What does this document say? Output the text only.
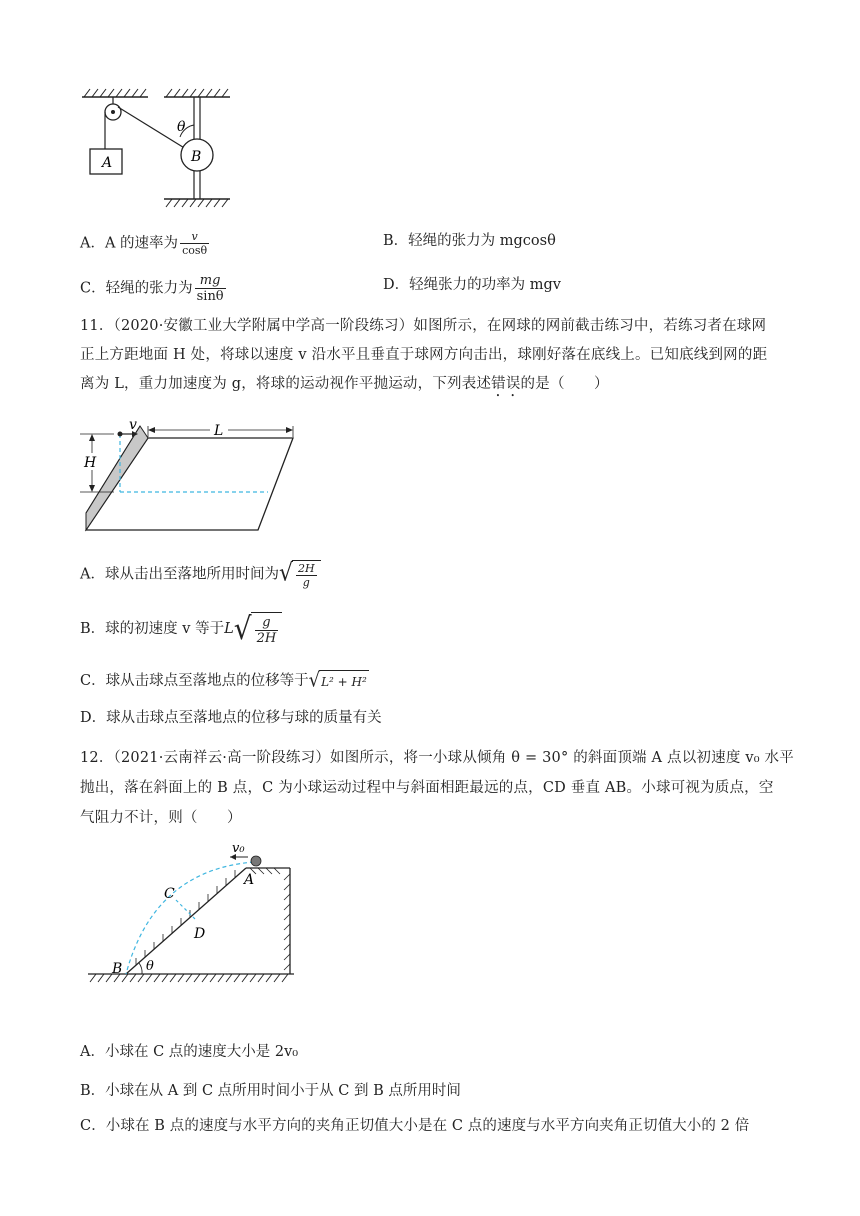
A	B
θ
A．A 的速率为 $\frac{v}{\cos\theta}$	B．轻绳的张力为 mgcosθ
C．轻绳的张力为 $\frac{mg}{\sin\theta}$	D．轻绳张力的功率为 mgv
11．（2020·安徽工业大学附属中学高一阶段练习）如图所示，在网球的网前截击练习中，若练习者在球网
正上方距地面 H 处，将球以速度 v 沿水平且垂直于球网方向击出，球刚好落在底线上。已知底线到网的距
离为 L，重力加速度为 g，将球的运动视作平抛运动，下列表述错误的是（　　）
v
H
L
A．球从击出至落地所用时间为 √ $\frac{2H}{g}$
B．球的初速度 v 等于L √ $\frac{g}{2H}$
C．球从击球点至落地点的位移等于 √ L² + H²
D．球从击球点至落地点的位移与球的质量有关
12．（2021·云南祥云·高一阶段练习）如图所示，将一小球从倾角 θ = 30° 的斜面顶端 A 点以初速度 v₀ 水平
抛出，落在斜面上的 B 点，C 为小球运动过程中与斜面相距最远的点，CD 垂直 AB。小球可视为质点，空
气阻力不计，则（　　）
v₀
A
C
D
B θ
A．小球在 C 点的速度大小是 2v₀
B．小球在从 A 到 C 点所用时间小于从 C 到 B 点所用时间
C．小球在 B 点的速度与水平方向的夹角正切值大小是在 C 点的速度与水平方向夹角正切值大小的 2 倍
